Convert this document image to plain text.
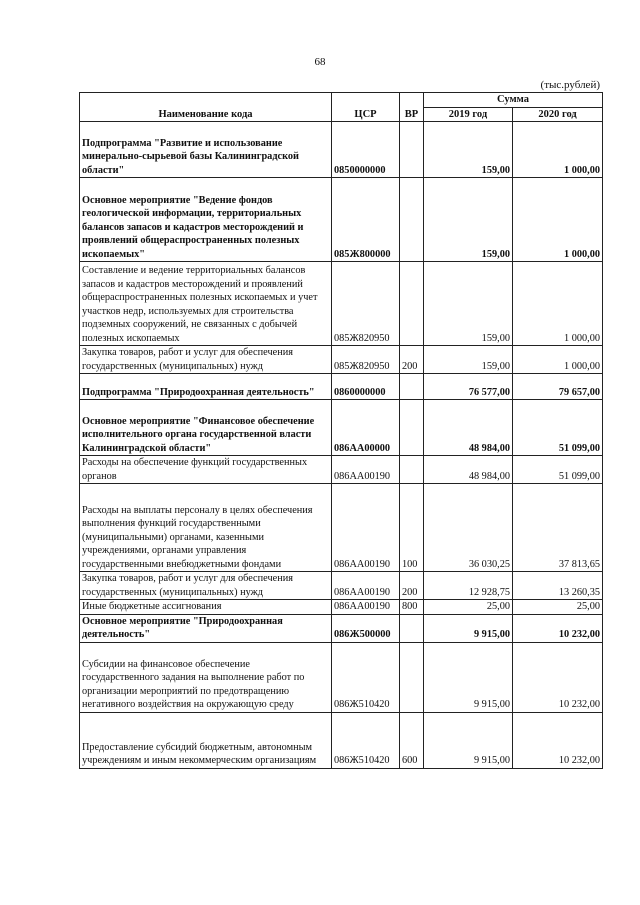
68
(тыс.рублей)
Наименование кода	ЦСР	ВР	Сумма	
			2019 год	2020 год
Подпрограмма "Развитие и использование минерально-сырьевой базы Калининградской области"	0850000000		159,00	1 000,00
Основное мероприятие "Ведение фондов геологической информации, территориальных балансов запасов и кадастров месторождений и проявлений общераспространенных полезных ископаемых"	085Ж800000		159,00	1 000,00
Составление и ведение территориальных балансов запасов и кадастров месторождений и проявлений общераспространенных полезных ископаемых и учет участков недр, используемых для строительства подземных сооружений, не связанных с добычей полезных ископаемых	085Ж820950		159,00	1 000,00
Закупка товаров, работ и услуг для обеспечения государственных (муниципальных) нужд	085Ж820950	200	159,00	1 000,00
Подпрограмма "Природоохранная деятельность"	0860000000		76 577,00	79 657,00
Основное мероприятие "Финансовое обеспечение исполнительного органа государственной власти Калининградской области"	086АА00000		48 984,00	51 099,00
Расходы на обеспечение функций государственных органов	086АА00190		48 984,00	51 099,00
Расходы на выплаты персоналу в целях обеспечения выполнения функций государственными (муниципальными) органами, казенными учреждениями, органами управления государственными внебюджетными фондами	086АА00190	100	36 030,25	37 813,65
Закупка товаров, работ и услуг для обеспечения государственных (муниципальных) нужд	086АА00190	200	12 928,75	13 260,35
Иные бюджетные ассигнования	086АА00190	800	25,00	25,00
Основное мероприятие "Природоохранная деятельность"	086Ж500000		9 915,00	10 232,00
Субсидии на финансовое обеспечение государственного задания на выполнение работ по организации мероприятий по предотвращению негативного воздействия на окружающую среду	086Ж510420		9 915,00	10 232,00
Предоставление субсидий бюджетным, автономным учреждениям и иным некоммерческим организациям	086Ж510420	600	9 915,00	10 232,00
